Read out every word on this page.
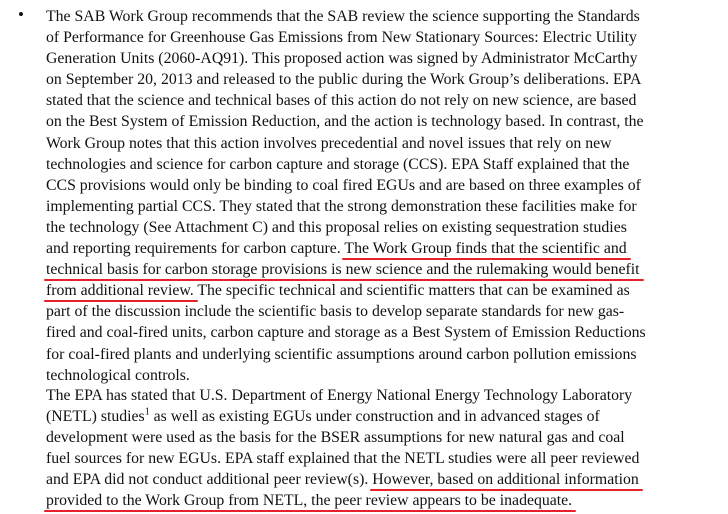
• The SAB Work Group recommends that the SAB review the science supporting the Standards
of Performance for Greenhouse Gas Emissions from New Stationary Sources: Electric Utility
Generation Units (2060-AQ91). This proposed action was signed by Administrator McCarthy
on September 20, 2013 and released to the public during the Work Group’s deliberations. EPA
stated that the science and technical bases of this action do not rely on new science, are based
on the Best System of Emission Reduction, and the action is technology based. In contrast, the
Work Group notes that this action involves precedential and novel issues that rely on new
technologies and science for carbon capture and storage (CCS). EPA Staff explained that the
CCS provisions would only be binding to coal fired EGUs and are based on three examples of
implementing partial CCS. They stated that the strong demonstration these facilities make for
the technology (See Attachment C) and this proposal relies on existing sequestration studies
and reporting requirements for carbon capture. The Work Group finds that the scientific and
technical basis for carbon storage provisions is new science and the rulemaking would benefit
from additional review. The specific technical and scientific matters that can be examined as
part of the discussion include the scientific basis to develop separate standards for new gas-
fired and coal-fired units, carbon capture and storage as a Best System of Emission Reductions
for coal-fired plants and underlying scientific assumptions around carbon pollution emissions
technological controls.

The EPA has stated that U.S. Department of Energy National Energy Technology Laboratory
(NETL) studies$^1$ as well as existing EGUs under construction and in advanced stages of
development were used as the basis for the BSER assumptions for new natural gas and coal
fuel sources for new EGUs. EPA staff explained that the NETL studies were all peer reviewed
and EPA did not conduct additional peer review(s). However, based on additional information
provided to the Work Group from NETL, the peer review appears to be inadequate.
